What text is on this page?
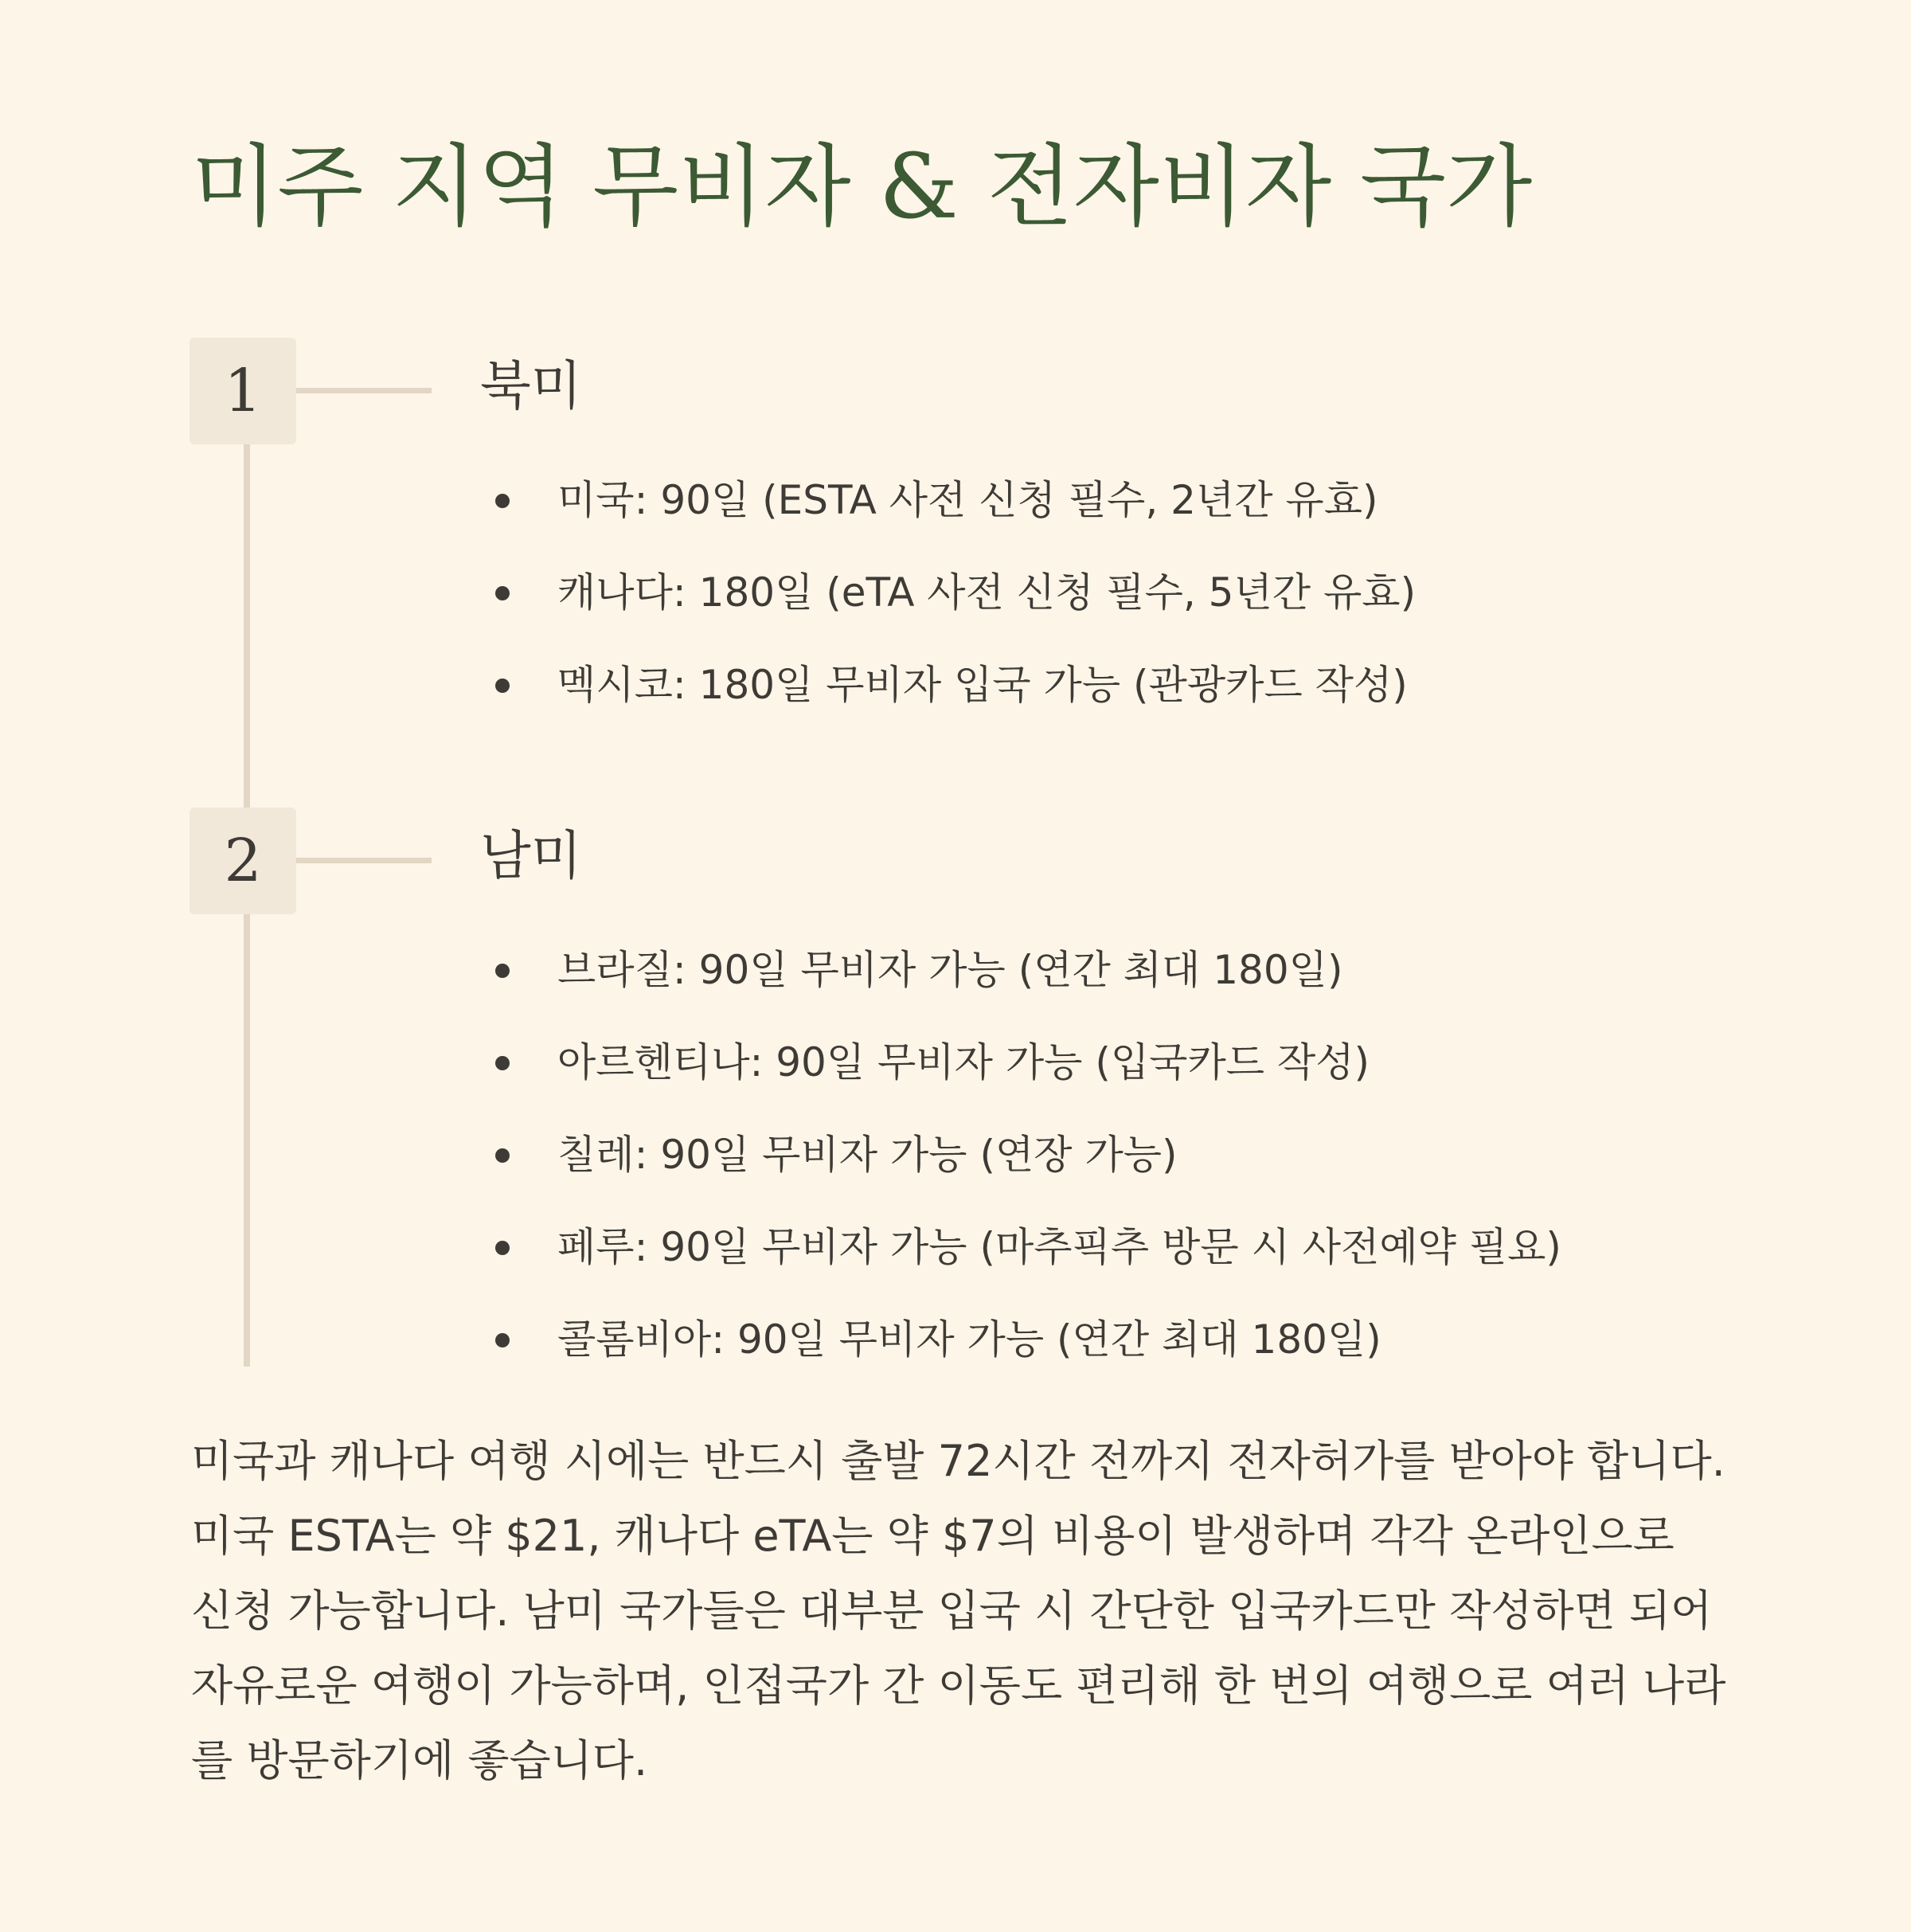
미주 지역 무비자 & 전자비자 국가
1	북미
미국: 90일 (ESTA 사전 신청 필수, 2년간 유효)
캐나다: 180일 (eTA 사전 신청 필수, 5년간 유효)
멕시코: 180일 무비자 입국 가능 (관광카드 작성)
2	남미
브라질: 90일 무비자 가능 (연간 최대 180일)
아르헨티나: 90일 무비자 가능 (입국카드 작성)
칠레: 90일 무비자 가능 (연장 가능)
페루: 90일 무비자 가능 (마추픽추 방문 시 사전예약 필요)
콜롬비아: 90일 무비자 가능 (연간 최대 180일)

미국과 캐나다 여행 시에는 반드시 출발 72시간 전까지 전자허가를 받아야 합니다. 미국 ESTA는 약 $21, 캐나다 eTA는 약 $7의 비용이 발생하며 각각 온라인으로 신청 가능합니다. 남미 국가들은 대부분 입국 시 간단한 입국카드만 작성하면 되어 자유로운 여행이 가능하며, 인접국가 간 이동도 편리해 한 번의 여행으로 여러 나라를 방문하기에 좋습니다.
